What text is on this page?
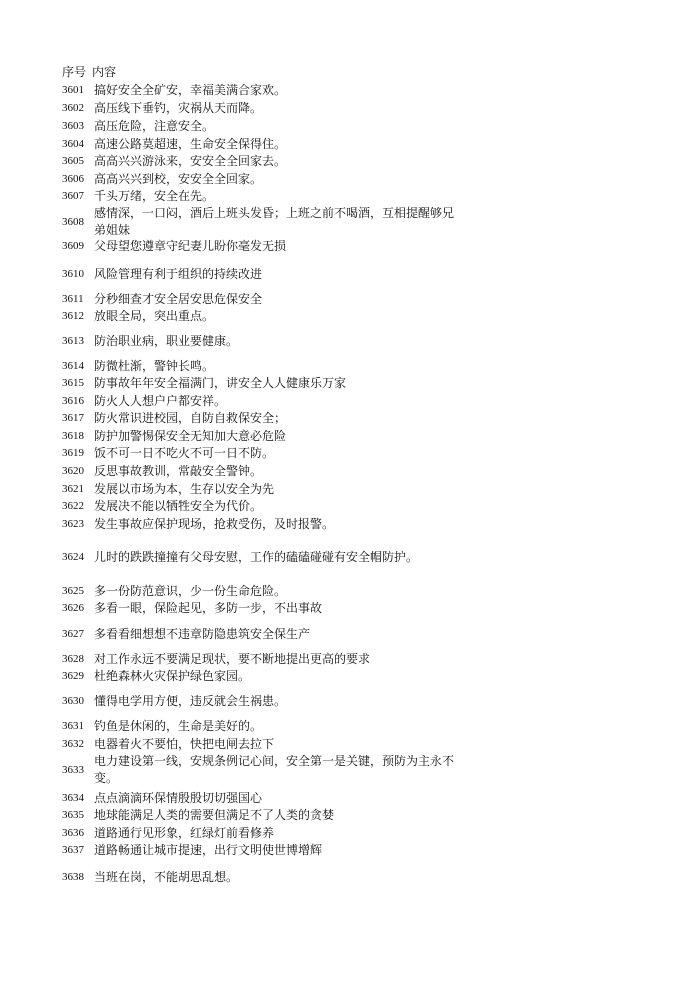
序号 内容
3601 搞好安全全矿安，幸福美满合家欢。
3602 高压线下垂钓，灾祸从天而降。
3603 高压危险，注意安全。
3604 高速公路莫超速，生命安全保得住。
3605 高高兴兴游泳来，安安全全回家去。
3606 高高兴兴到校，安安全全回家。
3607 千头万绪，安全在先。
3608
感情深，一口闷，酒后上班头发昏；上班之前不喝酒，互相提醒够兄弟姐妹
3609 父母望您遵章守纪妻儿盼你毫发无损
3610 风险管理有利于组织的持续改进
3611 分秒细查才安全居安思危保安全
3612 放眼全局，突出重点。
3613 防治职业病，职业要健康。
3614 防微杜渐，警钟长鸣。
3615 防事故年年安全福满门，讲安全人人健康乐万家
3616 防火人人想户户都安祥。
3617 防火常识进校园，自防自救保安全；
3618 防护加警惕保安全无知加大意必危险
3619 饭不可一日不吃火不可一日不防。
3620 反思事故教训，常敲安全警钟。
3621 发展以市场为本，生存以安全为先
3622 发展决不能以牺牲安全为代价。
3623 发生事故应保护现场，抢救受伤，及时报警。
3624 儿时的跌跌撞撞有父母安慰，工作的磕磕碰碰有安全帽防护。
3625 多一份防范意识，少一份生命危险。
3626 多看一眼，保险起见，多防一步，不出事故
3627 多看看细想想不违章防隐患筑安全保生产
3628 对工作永远不要满足现状，要不断地提出更高的要求
3629 杜绝森林火灾保护绿色家园。
3630 懂得电学用方便，违反就会生祸患。
3631 钓鱼是休闲的，生命是美好的。
3632 电器着火不要怕，快把电闸去拉下
3633
电力建设第一线，安规条例记心间，安全第一是关键，预防为主永不变。
3634 点点滴滴环保情殷殷切切强国心
3635 地球能满足人类的需要但满足不了人类的贪婪
3636 道路通行见形象，红绿灯前看修养
3637 道路畅通让城市提速，出行文明使世博增辉
3638 当班在岗，不能胡思乱想。
